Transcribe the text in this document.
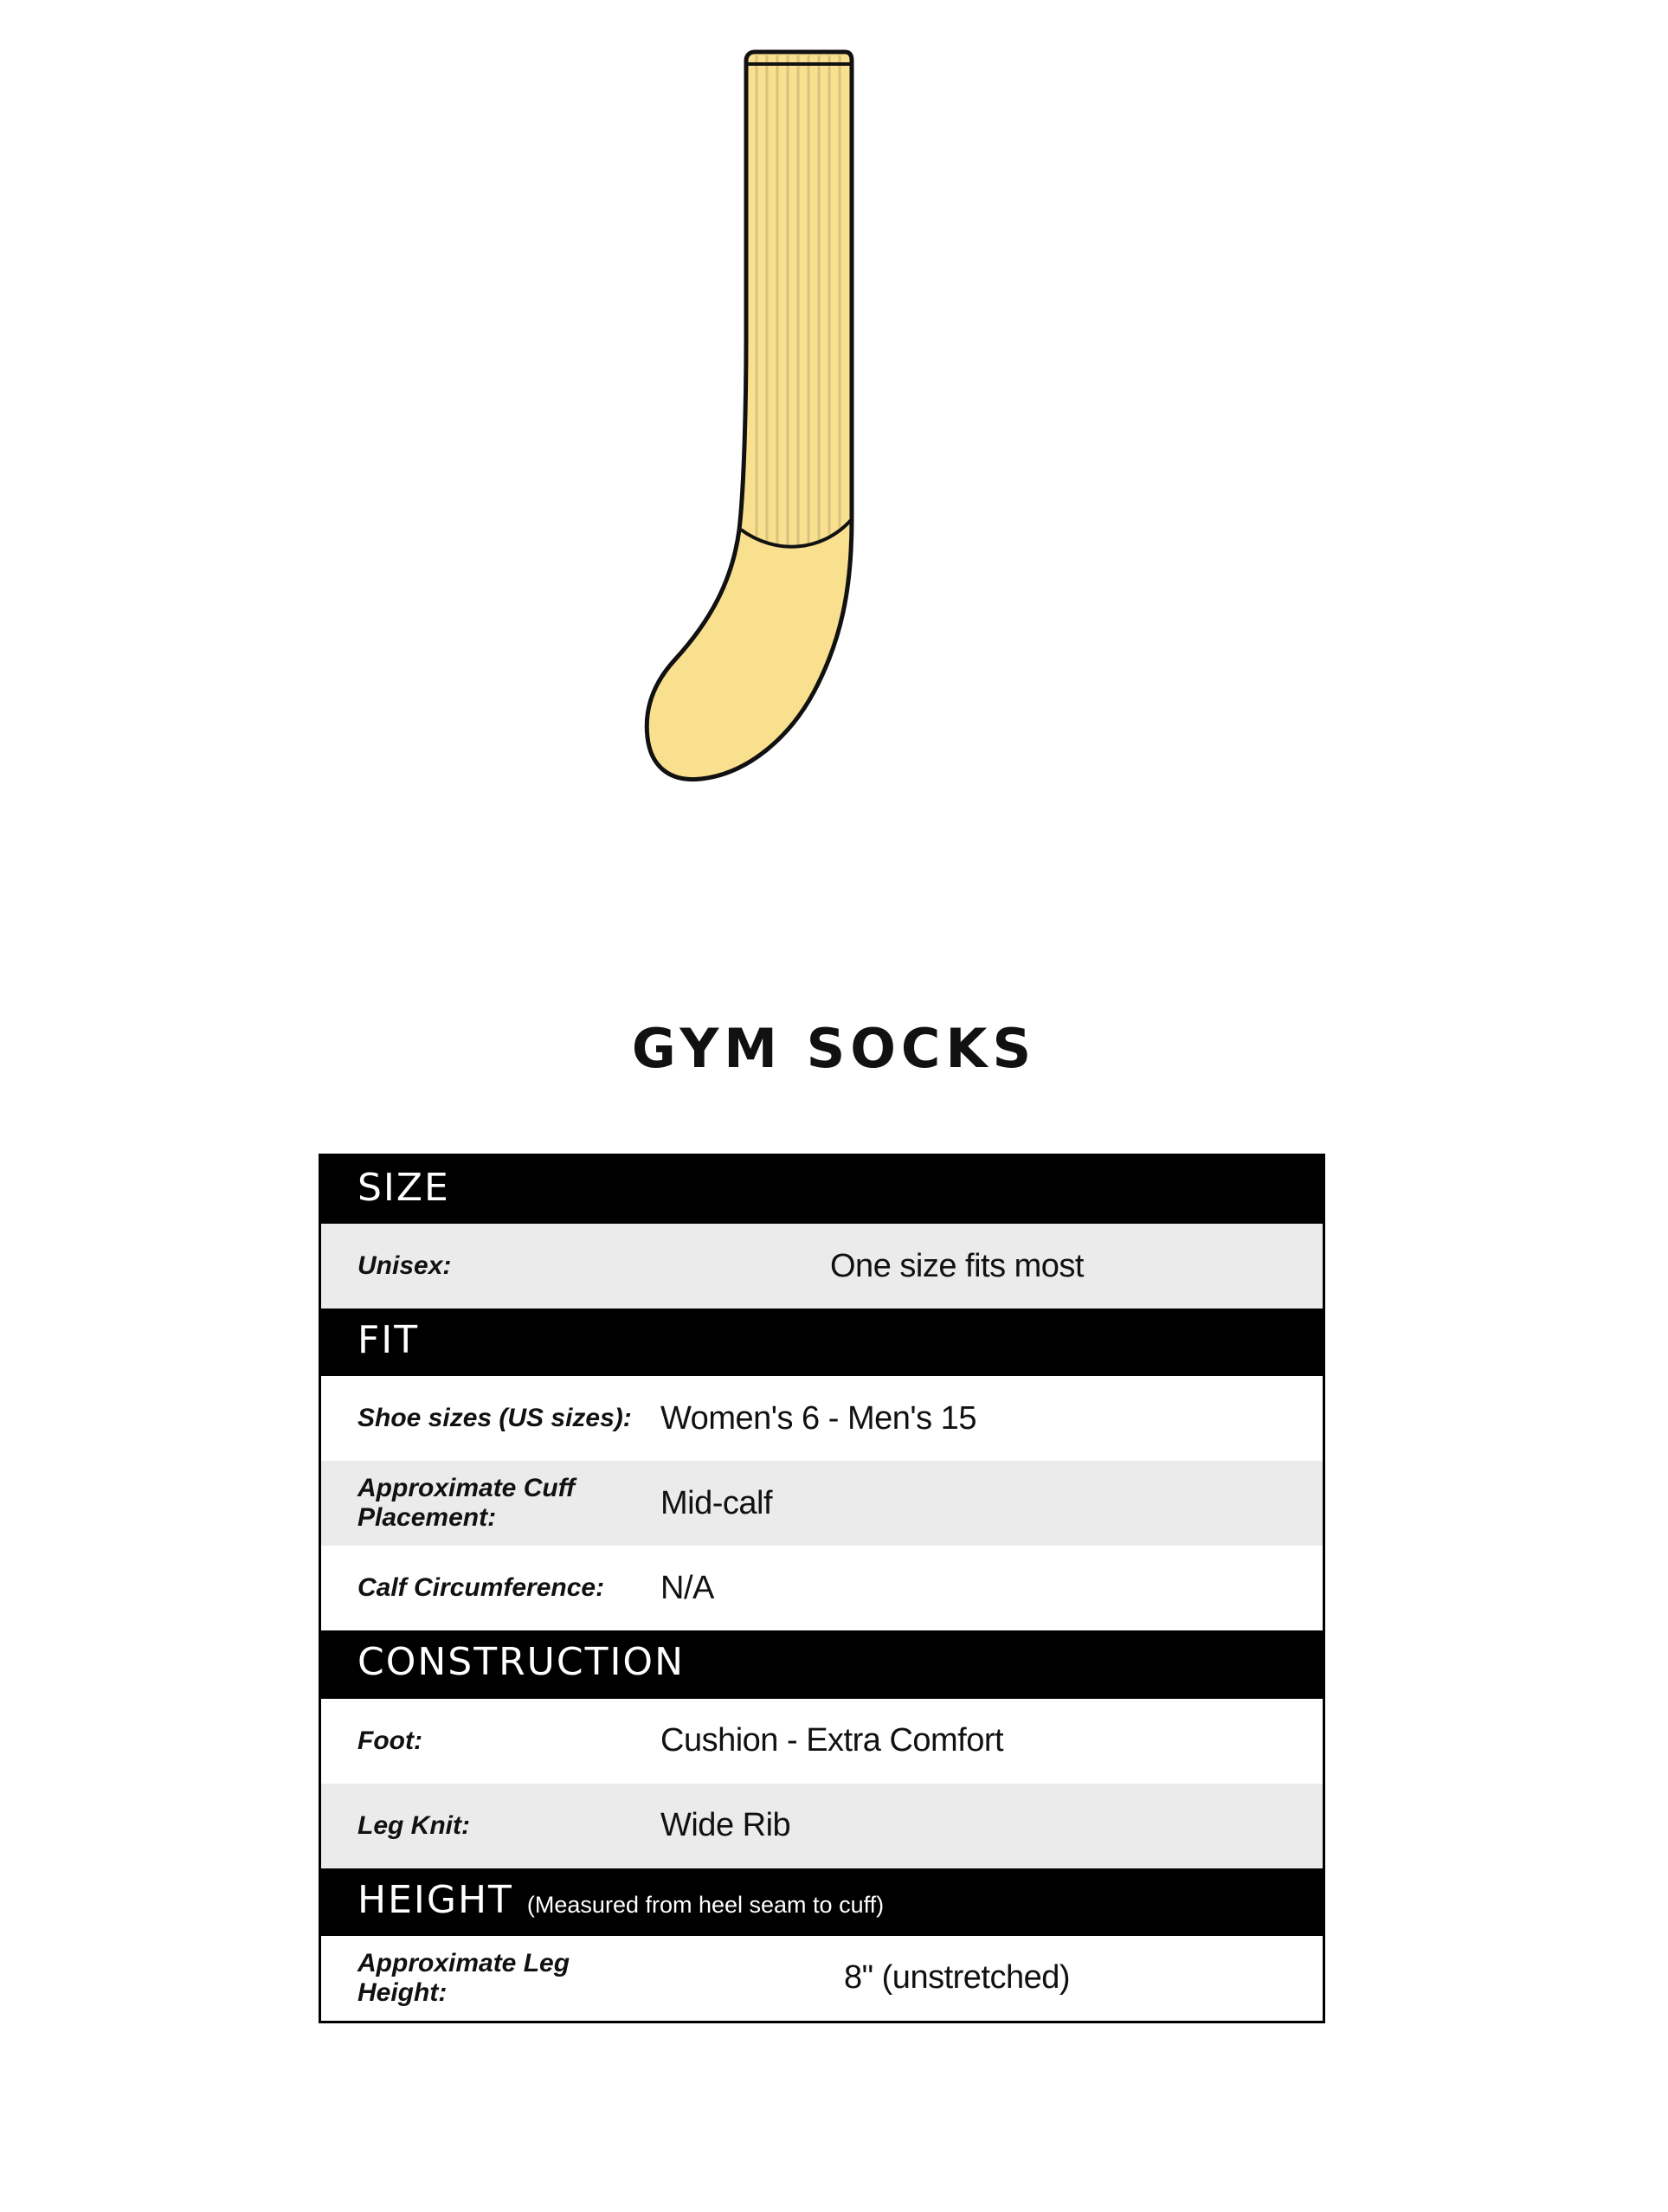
GYM SOCKS
SIZE
Unisex:	One size fits most
FIT
Shoe sizes (US sizes): Women's 6 - Men's 15
Approximate Cuff Placement:	Mid-calf
Calf Circumference:	N/A
CONSTRUCTION
Foot:	Cushion - Extra Comfort
Leg Knit:	Wide Rib
HEIGHT (Measured from heel seam to cuff)
Approximate Leg Height:	8" (unstretched)
